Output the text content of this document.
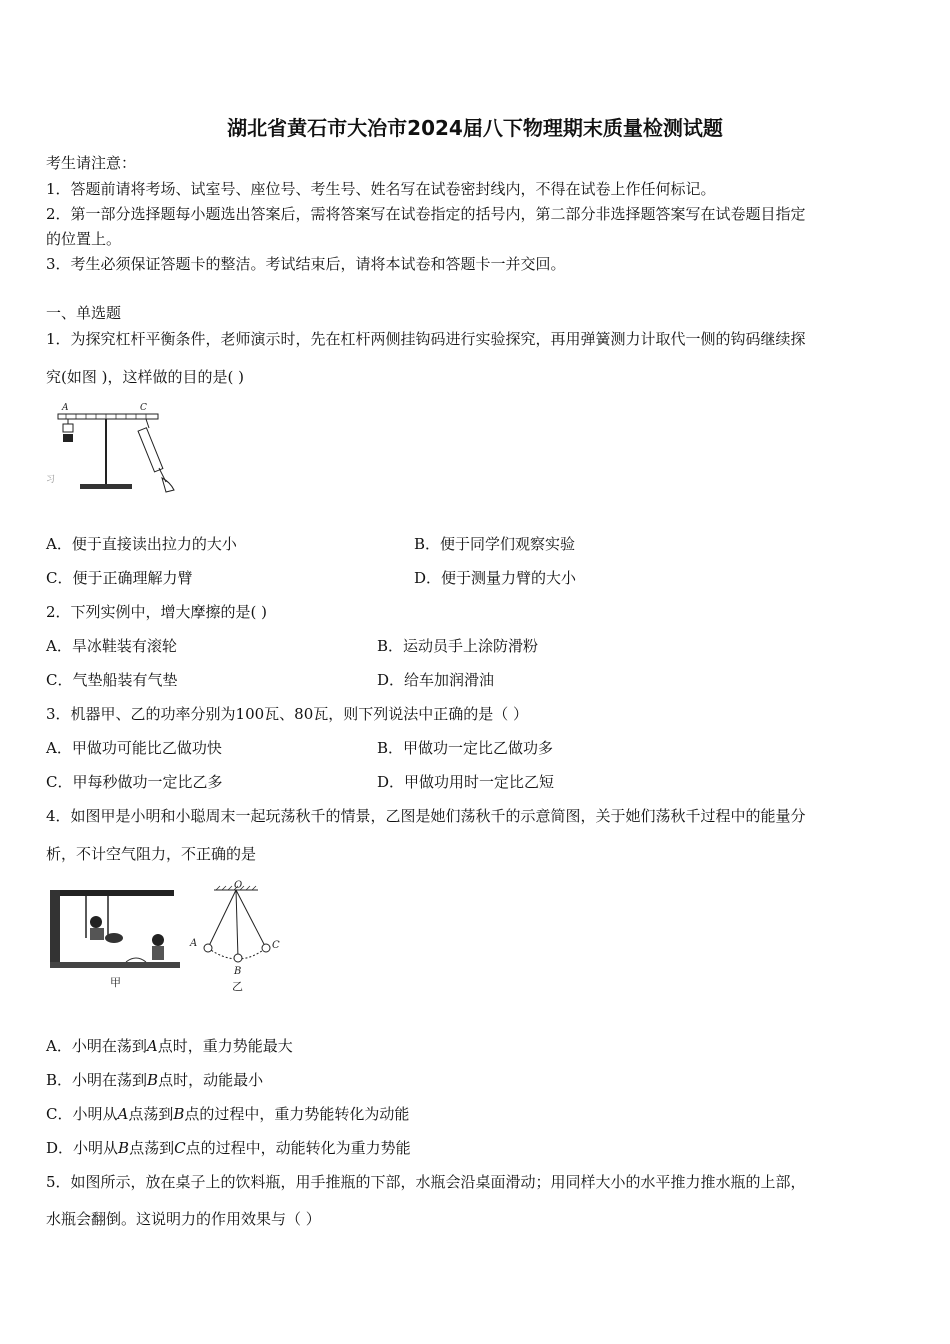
湖北省黄石市大冶市2024届八下物理期末质量检测试题
考生请注意：
1．答题前请将考场、试室号、座位号、考生号、姓名写在试卷密封线内，不得在试卷上作任何标记。
2．第一部分选择题每小题选出答案后，需将答案写在试卷指定的括号内，第二部分非选择题答案写在试卷题目指定
的位置上。
3．考生必须保证答题卡的整洁。考试结束后，请将本试卷和答题卡一并交回。
一、单选题
1．为探究杠杆平衡条件，老师演示时，先在杠杆两侧挂钩码进行实验探究，再用弹簧测力计取代一侧的钩码继续探
究(如图 )，这样做的目的是( )
A	C
习
A．便于直接读出拉力的大小	B．便于同学们观察实验
C．便于正确理解力臂	D．便于测量力臂的大小
2．下列实例中，增大摩擦的是( )
A．旱冰鞋装有滚轮	B．运动员手上涂防滑粉
C．气垫船装有气垫	D．给车加润滑油
3．机器甲、乙的功率分别为100瓦、80瓦，则下列说法中正确的是（ ）
A．甲做功可能比乙做功快	B．甲做功一定比乙做功多
C．甲每秒做功一定比乙多	D．甲做功用时一定比乙短
4．如图甲是小明和小聪周末一起玩荡秋千的情景，乙图是她们荡秋千的示意简图，关于她们荡秋千过程中的能量分
析，不计空气阻力，不正确的是
甲
O
A
B
C
乙
A．小明在荡到A点时，重力势能最大
B．小明在荡到B点时，动能最小
C．小明从A点荡到B点的过程中，重力势能转化为动能
D．小明从B点荡到C点的过程中，动能转化为重力势能
5．如图所示，放在桌子上的饮料瓶，用手推瓶的下部，水瓶会沿桌面滑动；用同样大小的水平推力推水瓶的上部，
水瓶会翻倒。这说明力的作用效果与（ ）
